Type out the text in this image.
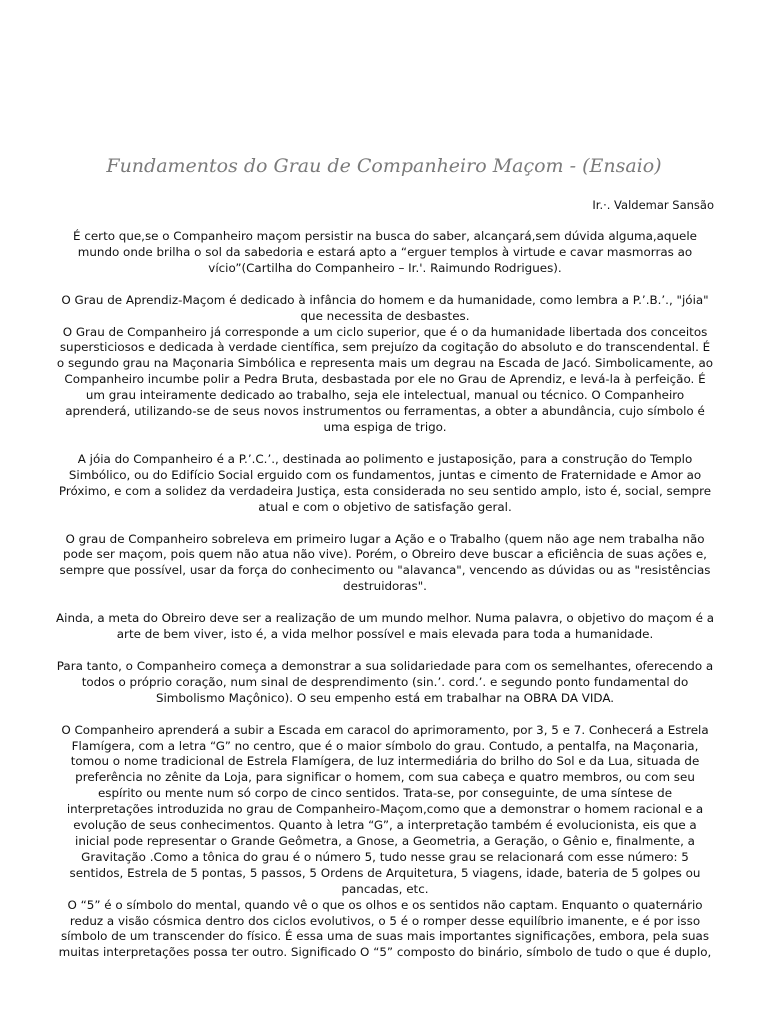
Fundamentos do Grau de Companheiro Maçom - (Ensaio)
Ir.·. Valdemar Sansão

É certo que,se o Companheiro maçom persistir na busca do saber, alcançará,sem dúvida alguma,aquele mundo onde brilha o sol da sabedoria e estará apto a “erguer templos à virtude e cavar masmorras ao vício”(Cartilha do Companheiro – Ir.'. Raimundo Rodrigues).

O Grau de Aprendiz-Maçom é dedicado à infância do homem e da humanidade, como lembra a P.’.B.’., "jóia" que necessita de desbastes.

O Grau de Companheiro já corresponde a um ciclo superior, que é o da humanidade libertada dos conceitos supersticiosos e dedicada à verdade científica, sem prejuízo da cogitação do absoluto e do transcendental. É o segundo grau na Maçonaria Simbólica e representa mais um degrau na Escada de Jacó. Simbolicamente, ao Companheiro incumbe polir a Pedra Bruta, desbastada por ele no Grau de Aprendiz, e levá-la à perfeição. É um grau inteiramente dedicado ao trabalho, seja ele intelectual, manual ou técnico. O Companheiro aprenderá, utilizando-se de seus novos instrumentos ou ferramentas, a obter a abundância, cujo símbolo é uma espiga de trigo.

A jóia do Companheiro é a P.’.C.’., destinada ao polimento e justaposição, para a construção do Templo Simbólico, ou do Edifício Social erguido com os fundamentos, juntas e cimento de Fraternidade e Amor ao Próximo, e com a solidez da verdadeira Justiça, esta considerada no seu sentido amplo, isto é, social, sempre atual e com o objetivo de satisfação geral.

O grau de Companheiro sobreleva em primeiro lugar a Ação e o Trabalho (quem não age nem trabalha não pode ser maçom, pois quem não atua não vive). Porém, o Obreiro deve buscar a eficiência de suas ações e, sempre que possível, usar da força do conhecimento ou "alavanca", vencendo as dúvidas ou as "resistências destruidoras".

Ainda, a meta do Obreiro deve ser a realização de um mundo melhor. Numa palavra, o objetivo do maçom é a arte de bem viver, isto é, a vida melhor possível e mais elevada para toda a humanidade.

Para tanto, o Companheiro começa a demonstrar a sua solidariedade para com os semelhantes, oferecendo a todos o próprio coração, num sinal de desprendimento (sin.’. cord.’. e segundo ponto fundamental do Simbolismo Maçônico). O seu empenho está em trabalhar na OBRA DA VIDA.

O Companheiro aprenderá a subir a Escada em caracol do aprimoramento, por 3, 5 e 7. Conhecerá a Estrela Flamígera, com a letra “G” no centro, que é o maior símbolo do grau. Contudo, a pentalfa, na Maçonaria, tomou o nome tradicional de Estrela Flamígera, de luz intermediária do brilho do Sol e da Lua, situada de preferência no zênite da Loja, para significar o homem, com sua cabeça e quatro membros, ou com seu espírito ou mente num só corpo de cinco sentidos. Trata-se, por conseguinte, de uma síntese de interpretações introduzida no grau de Companheiro-Maçom,como que a demonstrar o homem racional e a evolução de seus conhecimentos. Quanto à letra “G”, a interpretação também é evolucionista, eis que a inicial pode representar o Grande Geômetra, a Gnose, a Geometria, a Geração, o Gênio e, finalmente, a Gravitação .Como a tônica do grau é o número 5, tudo nesse grau se relacionará com esse número: 5 sentidos, Estrela de 5 pontas, 5 passos, 5 Ordens de Arquitetura, 5 viagens, idade, bateria de 5 golpes ou pancadas, etc.

O “5” é o símbolo do mental, quando vê o que os olhos e os sentidos não captam. Enquanto o quaternário reduz a visão cósmica dentro dos ciclos evolutivos, o 5 é o romper desse equilíbrio imanente, e é por isso símbolo de um transcender do físico. É essa uma de suas mais importantes significações, embora, pela suas muitas interpretações possa ter outro. Significado O “5” composto do binário, símbolo de tudo o que é duplo,
